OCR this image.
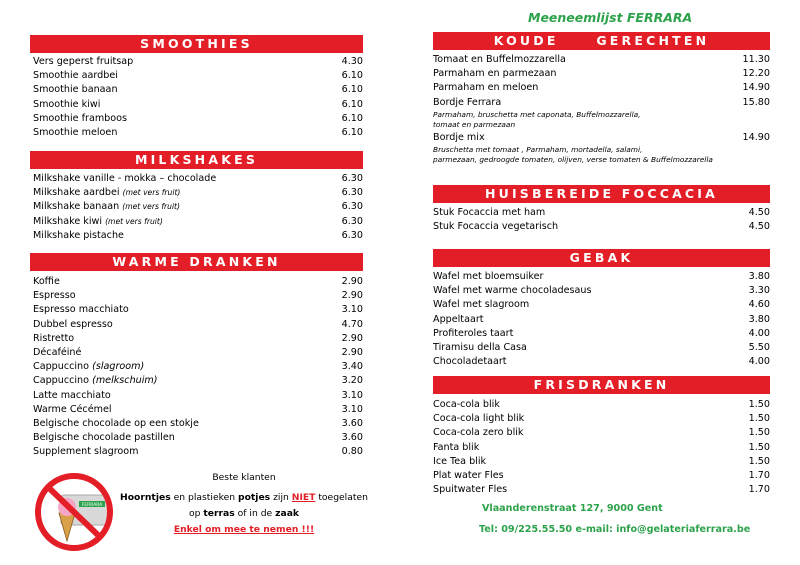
SMOOTHIES
Vers geperst fruitsap	4.30
Smoothie aardbei	6.10
Smoothie banaan	6.10
Smoothie kiwi	6.10
Smoothie framboos	6.10
Smoothie meloen	6.10
MILKSHAKES
Milkshake vanille - mokka – chocolade	6.30
Milkshake aardbei (met vers fruit)	6.30
Milkshake banaan (met vers fruit)	6.30
Milkshake kiwi (met vers fruit)	6.30
Milkshake pistache	6.30
WARME DRANKEN
Koffie	2.90
Espresso	2.90
Espresso macchiato	3.10
Dubbel espresso	4.70
Ristretto	2.90
Décaféiné	2.90
Cappuccino (slagroom)	3.40
Cappuccino (melkschuim)	3.20
Latte macchiato	3.10
Warme Cécémel	3.10
Belgische chocolade op een stokje	3.60
Belgische chocolade pastillen	3.60
Supplement slagroom	0.80
FERRARA
Beste klanten
Hoorntjes en plastieken potjes zijn NIET toegelaten
op terras of in de zaak
Enkel om mee te nemen !!!
Meeneemlijst FERRARA
KOUDE     GERECHTEN
Tomaat en Buffelmozzarella	11.30
Parmaham en parmezaan	12.20
Parmaham en meloen	14.90
Bordje Ferrara	15.80
Parmaham, bruschetta met caponata, Buffelmozzarella,
tomaat en parmezaan
Bordje mix	14.90
Bruschetta met tomaat , Parmaham, mortadella, salami,
parmezaan, gedroogde tomaten, olijven, verse tomaten & Buffelmozzarella
HUISBEREIDE FOCCACIA
Stuk Focaccia met ham	4.50
Stuk Focaccia vegetarisch	4.50
GEBAK
Wafel met bloemsuiker	3.80
Wafel met warme chocoladesaus	3.30
Wafel met slagroom	4.60
Appeltaart	3.80
Profiteroles taart	4.00
Tiramisu della Casa	5.50
Chocoladetaart	4.00
FRISDRANKEN
Coca-cola blik	1.50
Coca-cola light blik	1.50
Coca-cola zero blik	1.50
Fanta blik	1.50
Ice Tea blik	1.50
Plat water Fles	1.70
Spuitwater Fles	1.70
Vlaanderenstraat 127, 9000 Gent
Tel: 09/225.55.50 e-mail: info@gelateriaferrara.be
